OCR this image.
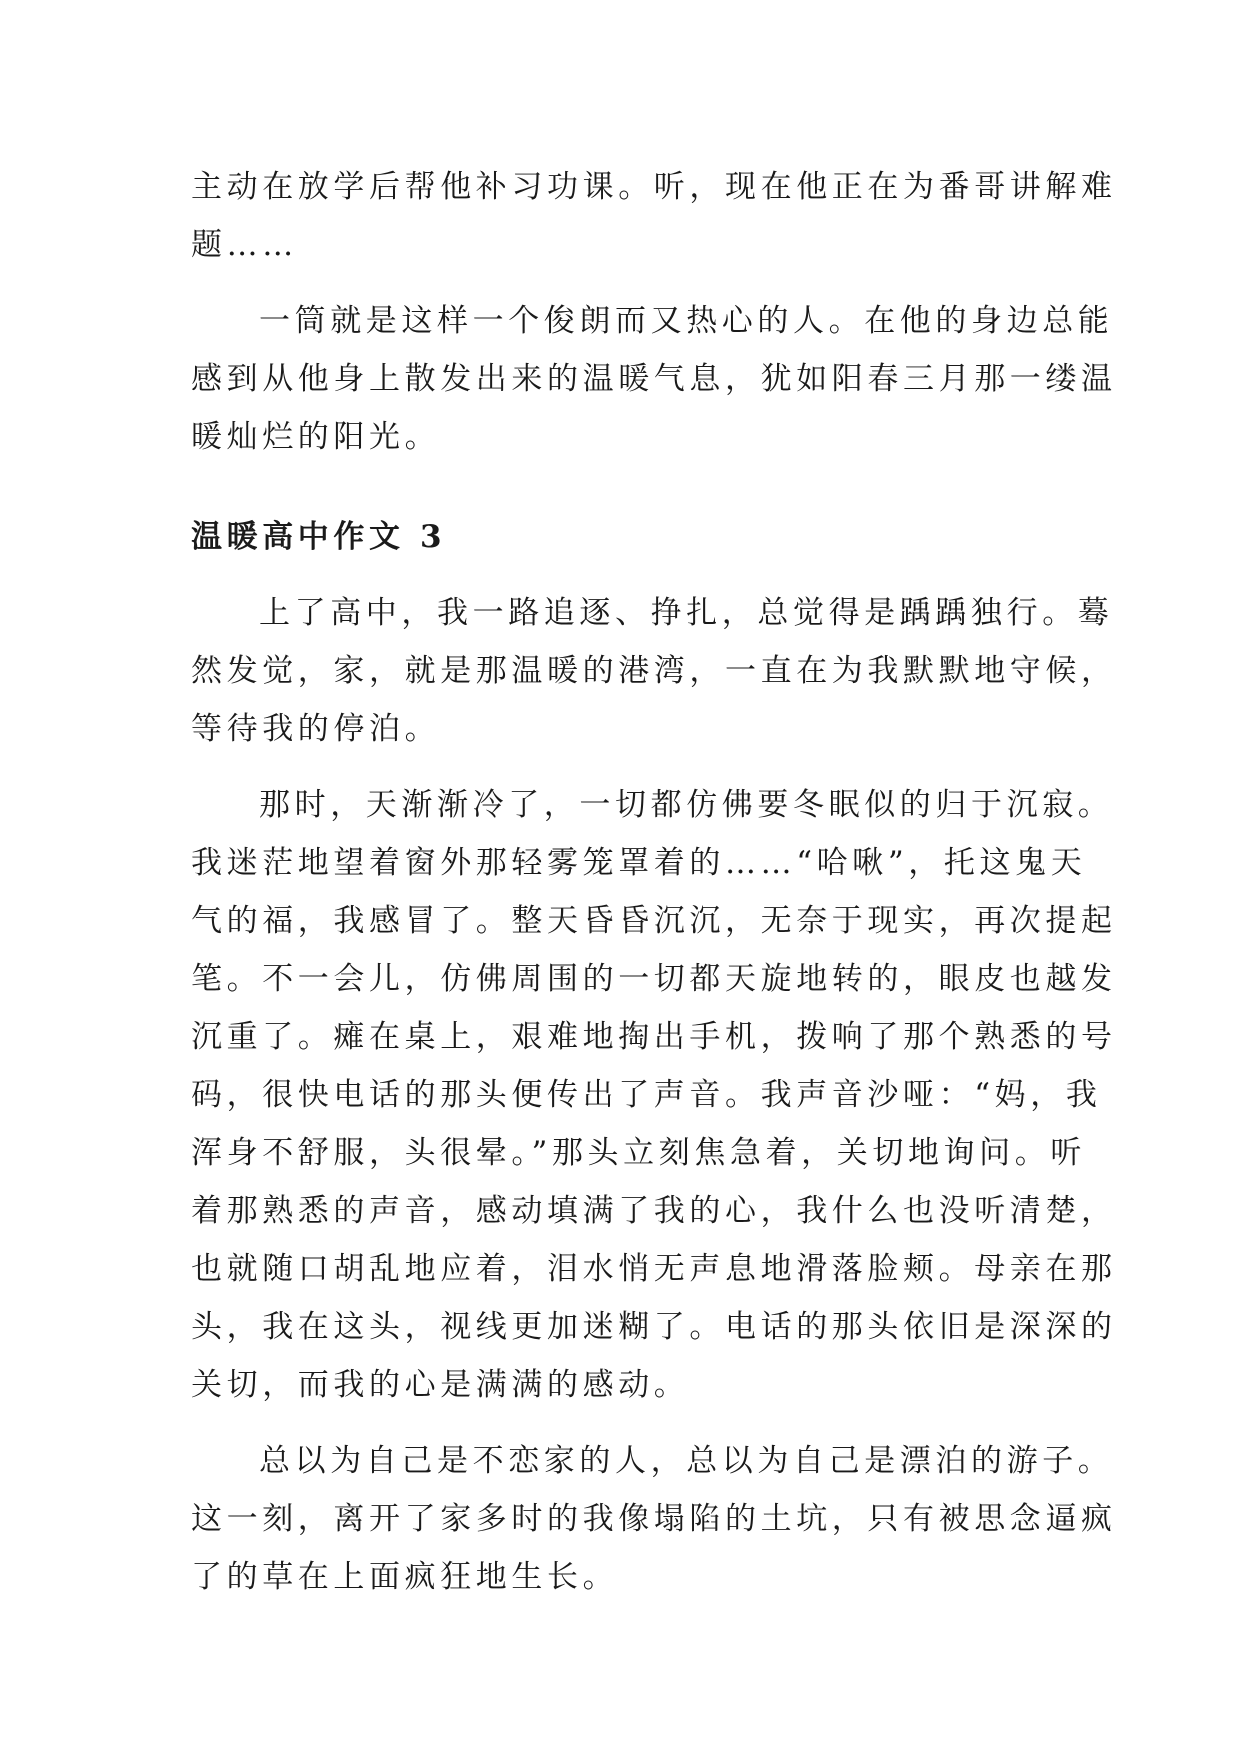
主动在放学后帮他补习功课。听，现在他正在为番哥讲解难
题……

一筒就是这样一个俊朗而又热心的人。在他的身边总能
感到从他身上散发出来的温暖气息，犹如阳春三月那一缕温
暖灿烂的阳光。

温暖高中作文 3

上了高中，我一路追逐、挣扎，总觉得是踽踽独行。蓦
然发觉，家，就是那温暖的港湾，一直在为我默默地守候，
等待我的停泊。

那时，天渐渐冷了，一切都仿佛要冬眠似的归于沉寂。
我迷茫地望着窗外那轻雾笼罩着的……“哈啾”，托这鬼天
气的福，我感冒了。整天昏昏沉沉，无奈于现实，再次提起
笔。不一会儿，仿佛周围的一切都天旋地转的，眼皮也越发
沉重了。瘫在桌上，艰难地掏出手机，拨响了那个熟悉的号
码，很快电话的那头便传出了声音。我声音沙哑：“妈，我
浑身不舒服，头很晕。”那头立刻焦急着，关切地询问。听
着那熟悉的声音，感动填满了我的心，我什么也没听清楚，
也就随口胡乱地应着，泪水悄无声息地滑落脸颊。母亲在那
头，我在这头，视线更加迷糊了。电话的那头依旧是深深的
关切，而我的心是满满的感动。

总以为自己是不恋家的人，总以为自己是漂泊的游子。
这一刻，离开了家多时的我像塌陷的土坑，只有被思念逼疯
了的草在上面疯狂地生长。
